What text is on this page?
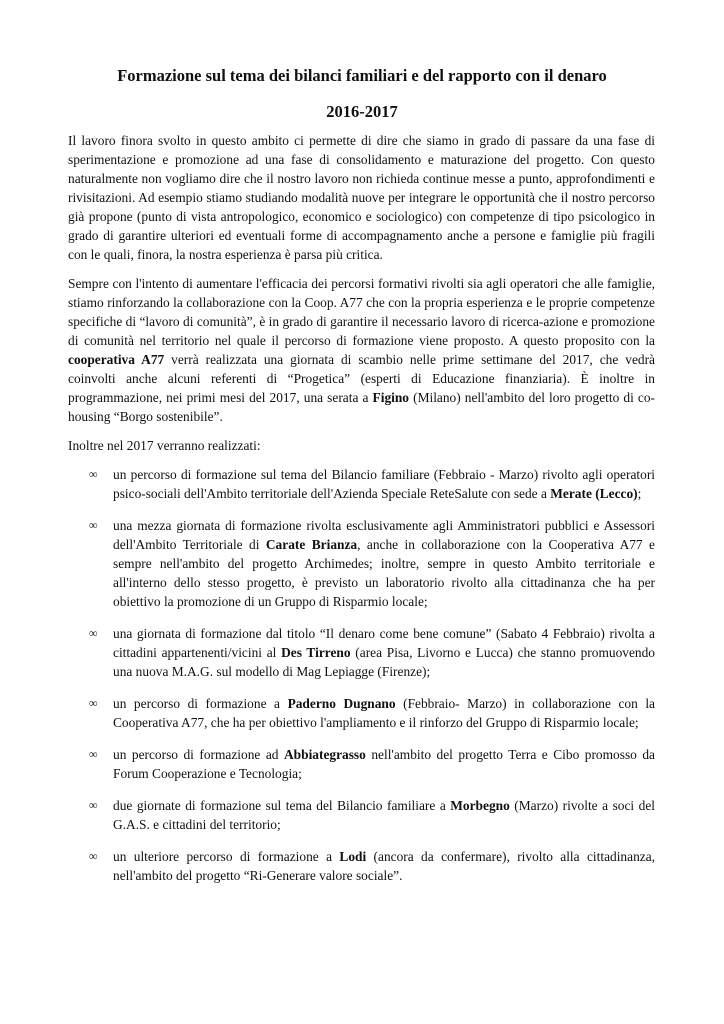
Formazione sul tema dei bilanci familiari e del rapporto con il denaro
2016-2017

Il lavoro finora svolto in questo ambito ci permette di dire che siamo in grado di passare da una fase di sperimentazione e promozione ad una fase di consolidamento e maturazione del progetto. Con questo naturalmente non vogliamo dire che il nostro lavoro non richieda continue messe a punto, approfondimenti e rivisitazioni. Ad esempio stiamo studiando modalità nuove per integrare le opportunità che il nostro percorso già propone (punto di vista antropologico, economico e sociologico) con competenze di tipo psicologico in grado di garantire ulteriori ed eventuali forme di accompagnamento anche a persone e famiglie più fragili con le quali, finora, la nostra esperienza è parsa più critica.

Sempre con l'intento di aumentare l'efficacia dei percorsi formativi rivolti sia agli operatori che alle famiglie, stiamo rinforzando la collaborazione con la Coop. A77 che con la propria esperienza e le proprie competenze specifiche di “lavoro di comunità”, è in grado di garantire il necessario lavoro di ricerca-azione e promozione di comunità nel territorio nel quale il percorso di formazione viene proposto. A questo proposito con la cooperativa A77 verrà realizzata una giornata di scambio nelle prime settimane del 2017, che vedrà coinvolti anche alcuni referenti di “Progetica” (esperti di Educazione finanziaria). È inoltre in programmazione, nei primi mesi del 2017, una serata a Figino (Milano) nell'ambito del loro progetto di co-housing “Borgo sostenibile”.

Inoltre nel 2017 verranno realizzati:

∞ un percorso di formazione sul tema del Bilancio familiare (Febbraio - Marzo) rivolto agli operatori psico-sociali dell'Ambito territoriale dell'Azienda Speciale ReteSalute con sede a Merate (Lecco);
∞ una mezza giornata di formazione rivolta esclusivamente agli Amministratori pubblici e Assessori dell'Ambito Territoriale di Carate Brianza, anche in collaborazione con la Cooperativa A77 e sempre nell'ambito del progetto Archimedes; inoltre, sempre in questo Ambito territoriale e all'interno dello stesso progetto, è previsto un laboratorio rivolto alla cittadinanza che ha per obiettivo la promozione di un Gruppo di Risparmio locale;
∞ una giornata di formazione dal titolo “Il denaro come bene comune” (Sabato 4 Febbraio) rivolta a cittadini appartenenti/vicini al Des Tirreno (area Pisa, Livorno e Lucca) che stanno promuovendo una nuova M.A.G. sul modello di Mag Lepiagge (Firenze);
∞ un percorso di formazione a Paderno Dugnano (Febbraio- Marzo) in collaborazione con la Cooperativa A77, che ha per obiettivo l'ampliamento e il rinforzo del Gruppo di Risparmio locale;
∞ un percorso di formazione ad Abbiategrasso nell'ambito del progetto Terra e Cibo promosso da Forum Cooperazione e Tecnologia;
∞ due giornate di formazione sul tema del Bilancio familiare a Morbegno (Marzo) rivolte a soci del G.A.S. e cittadini del territorio;
∞ un ulteriore percorso di formazione a Lodi (ancora da confermare), rivolto alla cittadinanza, nell'ambito del progetto “Ri-Generare valore sociale”.
